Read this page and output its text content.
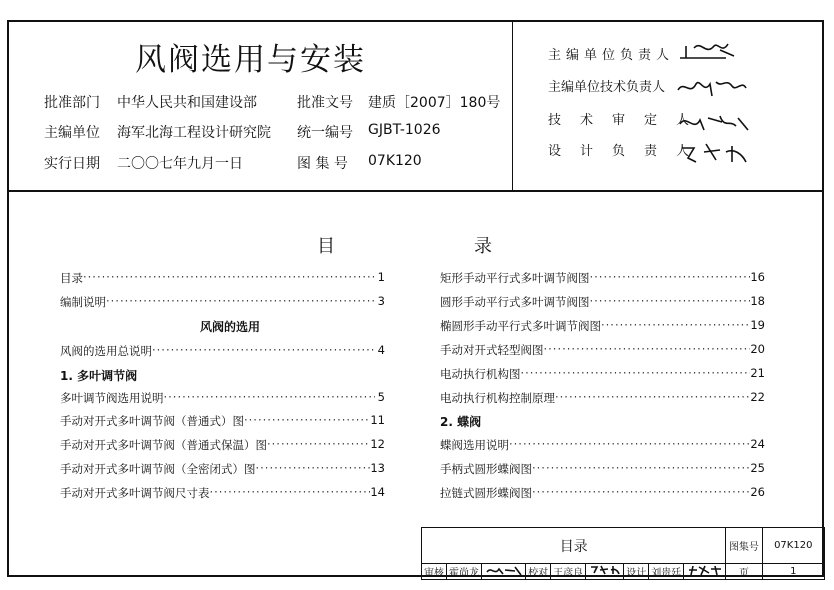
风阀选用与安装
批准部门 中华人民共和国建设部	批准文号 建质［2007］180号
主编单位 海军北海工程设计研究院 统一编号 GJBT-1026
实行日期 二〇〇七年九月一日	图 集 号 07K120
主编单位负责人
主编单位技术负责人
技术审定人
设计负责人
目	录
目录 ·····	1
编制说明 ·····	3
风阀的选用
风阀的选用总说明 ·····	4
1. 多叶调节阀
多叶调节阀选用说明 ·····	5
手动对开式多叶调节阀（普通式）图 ·····	11
手动对开式多叶调节阀（普通式保温）图 ·····	12
手动对开式多叶调节阀（全密闭式）图 ·····	13
手动对开式多叶调节阀尺寸表 ·····	14
矩形手动平行式多叶调节阀图 ·····	16
圆形手动平行式多叶调节阀图 ·····	18
椭圆形手动平行式多叶调节阀图 ·····	19
手动对开式轻型阀图 ·····	20
电动执行机构图 ·····	21
电动执行机构控制原理 ·····	22
2. 蝶阀
蝶阀选用说明 ·····	24
手柄式圆形蝶阀图 ·····	25
拉链式圆形蝶阀图 ·····	26
目录									图集号	07K120
审核	霍尚龙		校对	王彦良		设计	刘贵廷		页	1
